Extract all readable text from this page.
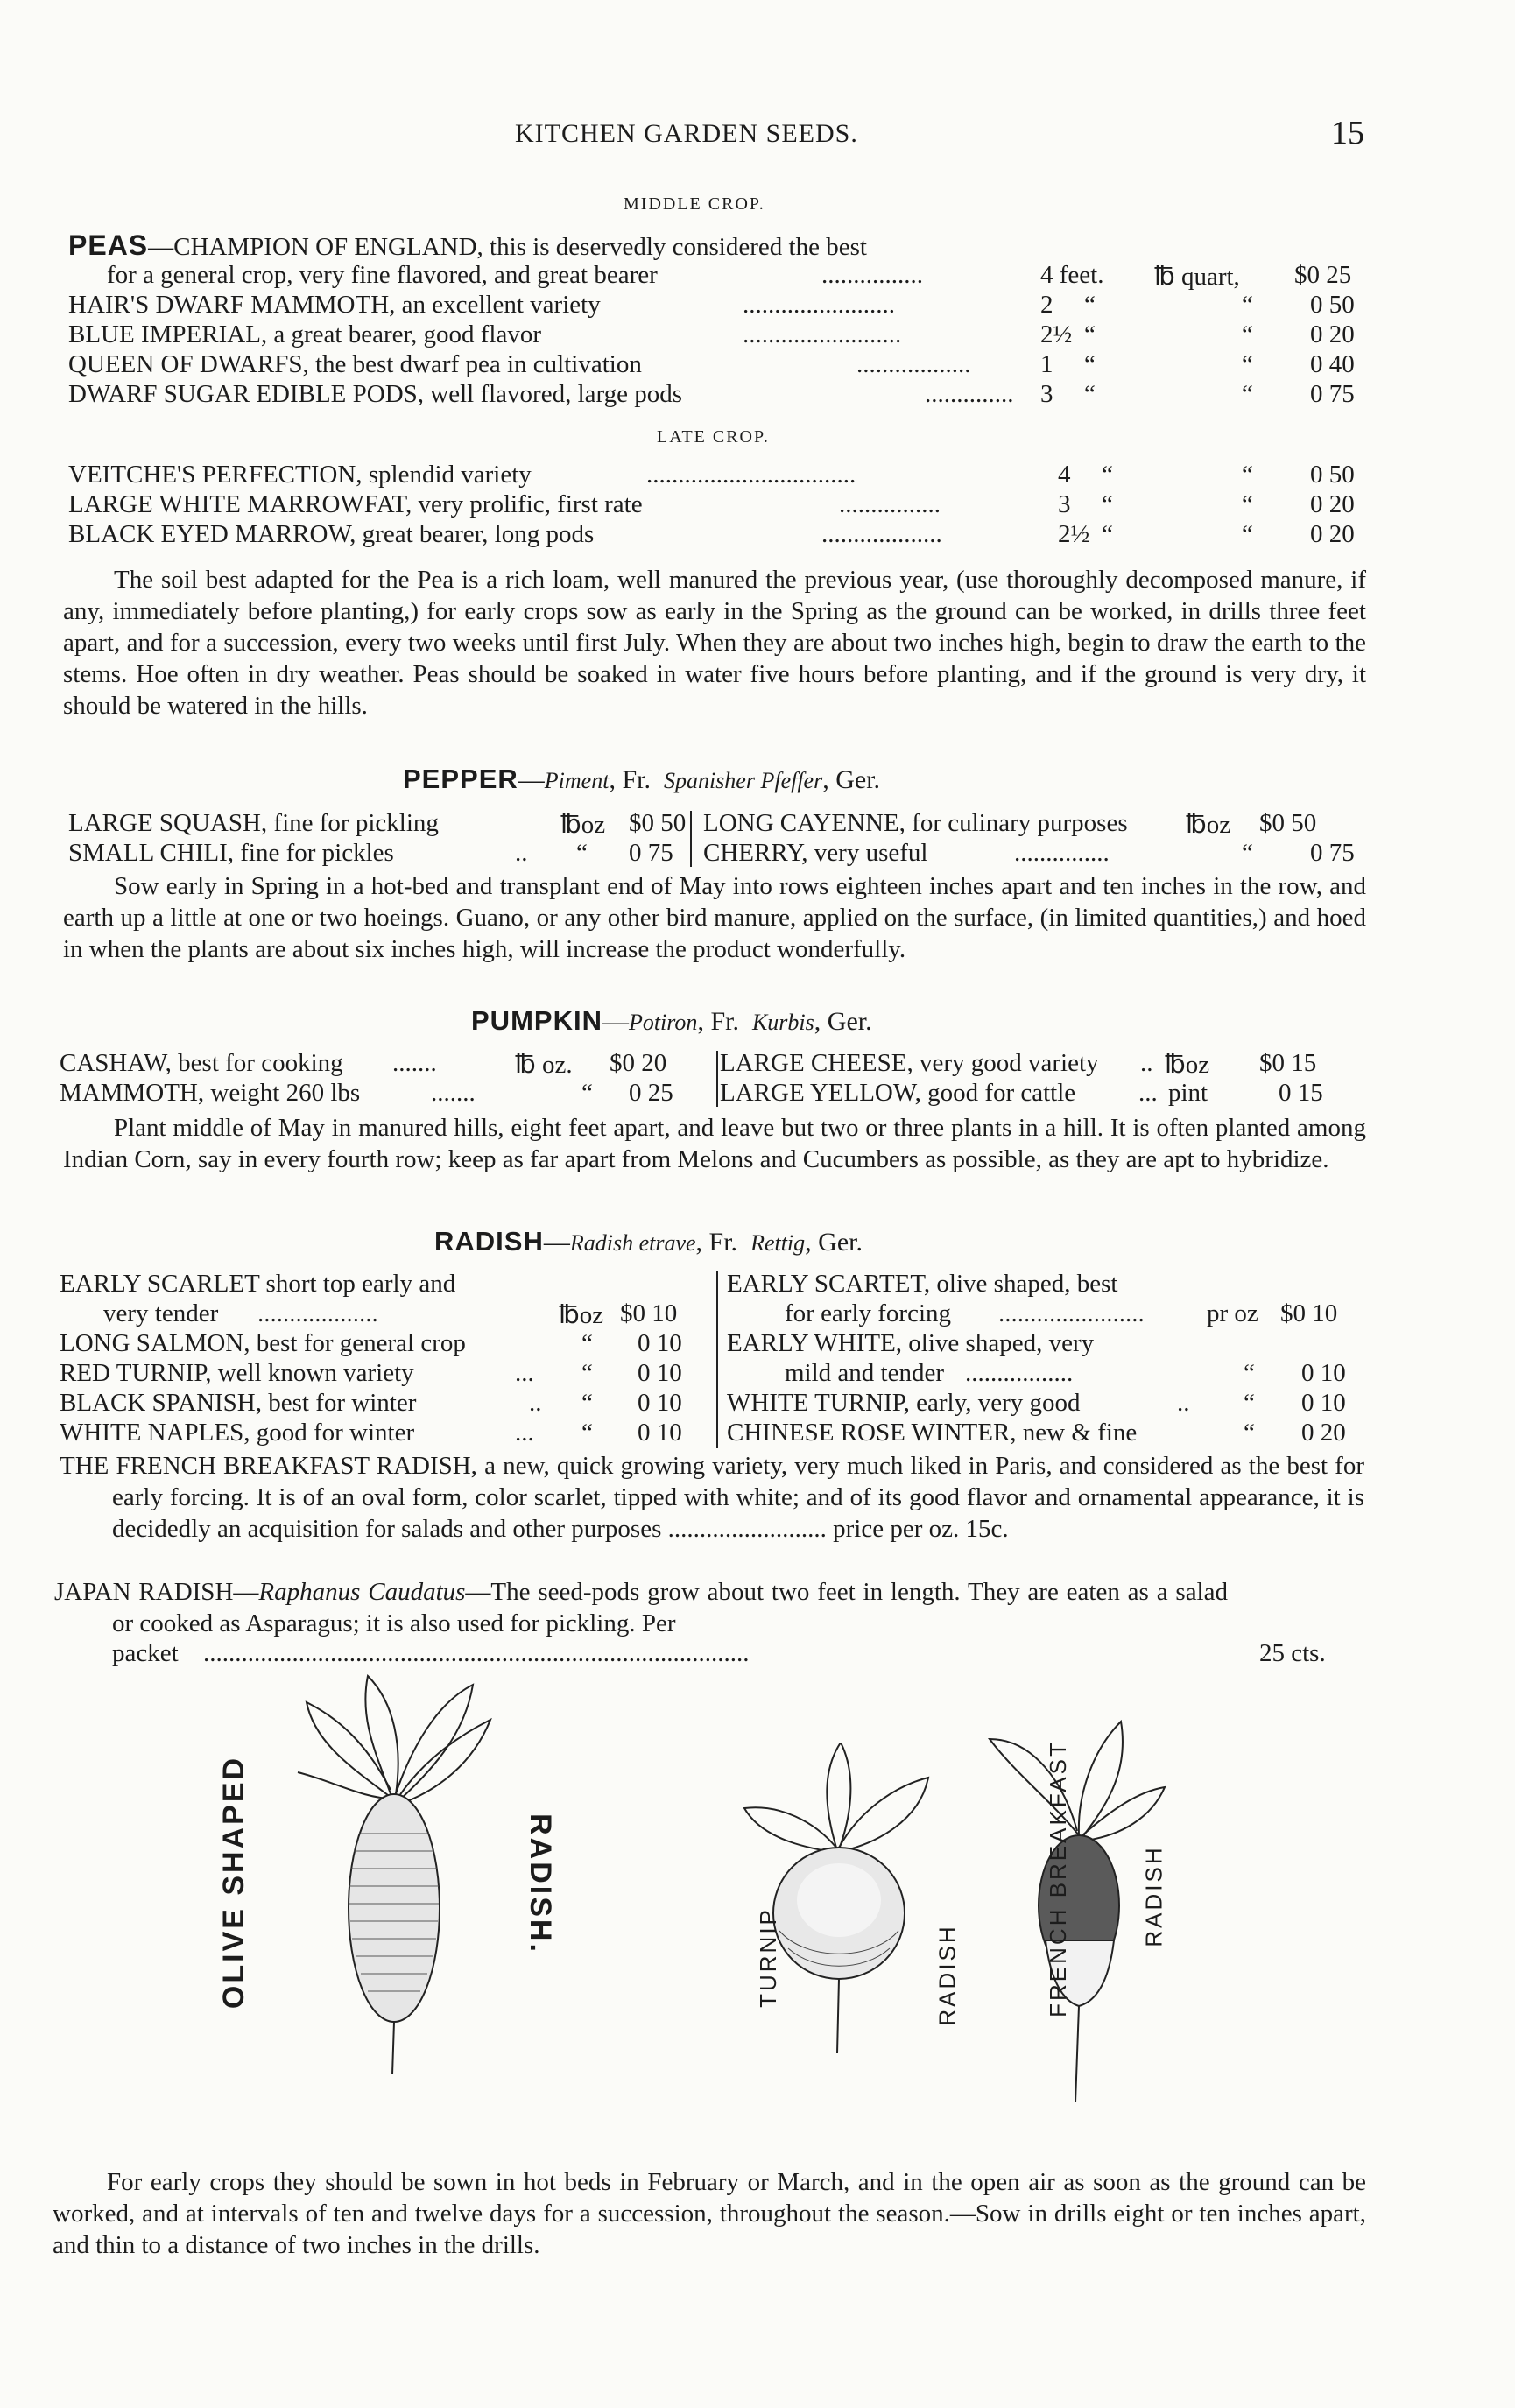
KITCHEN GARDEN SEEDS.	15
MIDDLE CROP.
PEAS—CHAMPION OF ENGLAND, this is deservedly considered the best
for a general crop, very fine flavored, and great bearer	................	4 feet. ℔ quart, $0 25
HAIR'S DWARF MAMMOTH, an excellent variety	........................	2 “	“ 0 50
BLUE IMPERIAL, a great bearer, good flavor	.........................	2½ “	“ 0 20
QUEEN OF DWARFS, the best dwarf pea in cultivation	..................	1 “	“ 0 40
DWARF SUGAR EDIBLE PODS, well flavored, large pods	.............. 3 “	“ 0 75
LATE CROP.
VEITCHE'S PERFECTION, splendid variety	.................................	4 “	“ 0 50
LARGE WHITE MARROWFAT, very prolific, first rate	................	3 “	“ 0 20
BLACK EYED MARROW, great bearer, long pods	...................	2½ “	“ 0 20

The soil best adapted for the Pea is a rich loam, well manured the previous year, (use thoroughly decomposed manure, if any, immediately before planting,) for early crops sow as early in the Spring as the ground can be worked, in drills three feet apart, and for a succession, every two weeks until first July. When they are about two inches high, begin to draw the earth to the stems. Hoe often in dry weather. Peas should be soaked in water five hours before planting, and if the ground is very dry, it should be watered in the hills.

PEPPER—Piment, Fr. Spanisher Pfeffer, Ger.
LARGE SQUASH, fine for pickling	℔oz $0 50 LONG CAYENNE, for culinary purposes ℔oz $0 50
SMALL CHILI, fine for pickles	.. “ 0 75 CHERRY, very useful	...............	“ 0 75

Sow early in Spring in a hot-bed and transplant end of May into rows eighteen inches apart and ten inches in the row, and earth up a little at one or two hoeings. Guano, or any other bird manure, applied on the surface, (in limited quantities,) and hoed in when the plants are about six inches high, will increase the product wonderfully.

PUMPKIN—Potiron, Fr. Kurbis, Ger.
CASHAW, best for cooking .......	℔ oz. $0 20 LARGE CHEESE, very good variety .. ℔oz $0 15
MAMMOTH, weight 260 lbs	.......	“ 0 25 LARGE YELLOW, good for cattle ... pint	0 15

Plant middle of May in manured hills, eight feet apart, and leave but two or three plants in a hill. It is often planted among Indian Corn, say in every fourth row; keep as far apart from Melons and Cucumbers as possible, as they are apt to hybridize.

RADISH—Radish etrave, Fr. Rettig, Ger.
EARLY SCARLET short top early and
very tender ...................	℔oz $0 10
LONG SALMON, best for general crop	“ 0 10
RED TURNIP, well known variety	... “ 0 10
BLACK SPANISH, best for winter	.. “ 0 10
WHITE NAPLES, good for winter	... “ 0 10
EARLY SCARTET, olive shaped, best
for early forcing ....................... pr oz $0 10
EARLY WHITE, olive shaped, very
mild and tender .................	“ 0 10
WHITE TURNIP, early, very good	.. “ 0 10
CHINESE ROSE WINTER, new & fine	“ 0 20

THE FRENCH BREAKFAST RADISH, a new, quick growing variety, very much liked in Paris, and considered as the best for early forcing. It is of an oval form, color scarlet, tipped with white; and of its good flavor and ornamental appearance, it is decidedly an acquisition for salads and other purposes ......................... price per oz. 15c.

JAPAN RADISH—Raphanus Caudatus—The seed-pods grow about two feet in length. They are eaten as a salad or cooked as Asparagus; it is also used for pickling. Per

packet ......................................................................................	25 cts.
OLIVE SHAPED	RADISH.
TURNIP	RADISH	FRENCH BREAKFAST	RADISH

For early crops they should be sown in hot beds in February or March, and in the open air as soon as the ground can be worked, and at intervals of ten and twelve days for a succession, throughout the season.—Sow in drills eight or ten inches apart, and thin to a distance of two inches in the drills.
